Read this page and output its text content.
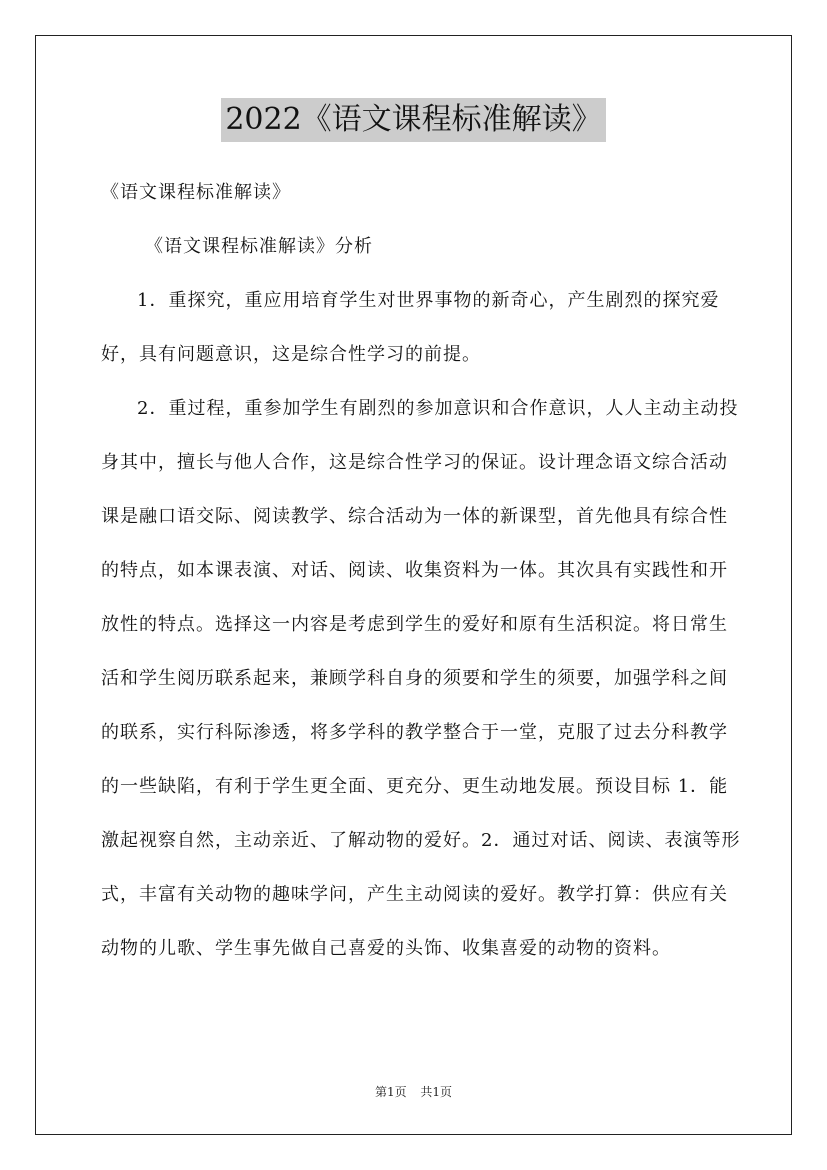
2022《语文课程标准解读》

《语文课程标准解读》

《语文课程标准解读》分析

1．重探究，重应用培育学生对世界事物的新奇心，产生剧烈的探究爱好，具有问题意识，这是综合性学习的前提。

2．重过程，重参加学生有剧烈的参加意识和合作意识，人人主动主动投身其中，擅长与他人合作，这是综合性学习的保证。设计理念语文综合活动课是融口语交际、阅读教学、综合活动为一体的新课型，首先他具有综合性的特点，如本课表演、对话、阅读、收集资料为一体。其次具有实践性和开放性的特点。选择这一内容是考虑到学生的爱好和原有生活积淀。将日常生活和学生阅历联系起来，兼顾学科自身的须要和学生的须要，加强学科之间的联系，实行科际渗透，将多学科的教学整合于一堂，克服了过去分科教学的一些缺陷，有利于学生更全面、更充分、更生动地发展。预设目标 1．能激起视察自然，主动亲近、了解动物的爱好。2．通过对话、阅读、表演等形式，丰富有关动物的趣味学问，产生主动阅读的爱好。教学打算：供应有关动物的儿歌、学生事先做自己喜爱的头饰、收集喜爱的动物的资料。

第1页 共1页
